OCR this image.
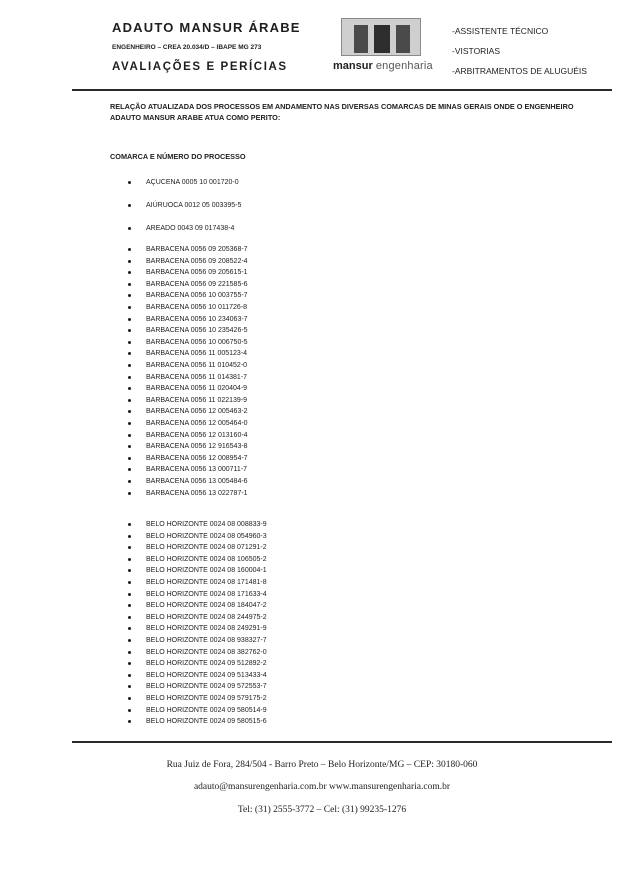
ADAUTO MANSUR ÁRABE
ENGENHEIRO – CREA 20.034/D – IBAPE MG 273
AVALIAÇÕES E PERÍCIAS	mansur engenharia
-ASSISTENTE TÉCNICO
-VISTORIAS
-ARBITRAMENTOS DE ALUGUÉIS
RELAÇÃO ATUALIZADA DOS PROCESSOS EM ANDAMENTO NAS DIVERSAS COMARCAS DE MINAS GERAIS ONDE O ENGENHEIRO ADAUTO MANSUR ARABE ATUA COMO PERITO:
COMARCA E NÚMERO DO PROCESSO
AÇUCENA 0005 10 001720-0
AIÚRUOCA 0012 05 003395-5
AREADO 0043 09 017438-4
BARBACENA 0056 09 205368-7
BARBACENA 0056 09 208522-4
BARBACENA 0056 09 205615-1
BARBACENA 0056 09 221585-6
BARBACENA 0056 10 003755-7
BARBACENA 0056 10 011726-8
BARBACENA 0056 10 234063-7
BARBACENA 0056 10 235426-5
BARBACENA 0056 10 006750-5
BARBACENA 0056 11 005123-4
BARBACENA 0056 11 010452-0
BARBACENA 0056 11 014381-7
BARBACENA 0056 11 020404-9
BARBACENA 0056 11 022139-9
BARBACENA 0056 12 005463-2
BARBACENA 0056 12 005464-0
BARBACENA 0056 12 013160-4
BARBACENA 0056 12 916543-8
BARBACENA 0056 12 008954-7
BARBACENA 0056 13 000711-7
BARBACENA 0056 13 005484-6
BARBACENA 0056 13 022787-1
BELO HORIZONTE 0024 08 008833-9
BELO HORIZONTE 0024 08 054960-3
BELO HORIZONTE 0024 08 071291-2
BELO HORIZONTE 0024 08 106505-2
BELO HORIZONTE 0024 08 160004-1
BELO HORIZONTE 0024 08 171481-8
BELO HORIZONTE 0024 08 171633-4
BELO HORIZONTE 0024 08 184047-2
BELO HORIZONTE 0024 08 244975-2
BELO HORIZONTE 0024 08 249291-9
BELO HORIZONTE 0024 08 938327-7
BELO HORIZONTE 0024 08 382762-0
BELO HORIZONTE 0024 09 512892-2
BELO HORIZONTE 0024 09 513433-4
BELO HORIZONTE 0024 09 572553-7
BELO HORIZONTE 0024 09 579175-2
BELO HORIZONTE 0024 09 580514-9
BELO HORIZONTE 0024 09 580515-6
Rua Juiz de Fora, 284/504 - Barro Preto – Belo Horizonte/MG – CEP: 30180-060
adauto@mansurengenharia.com.br www.mansurengenharia.com.br
Tel: (31) 2555-3772 – Cel: (31) 99235-1276
